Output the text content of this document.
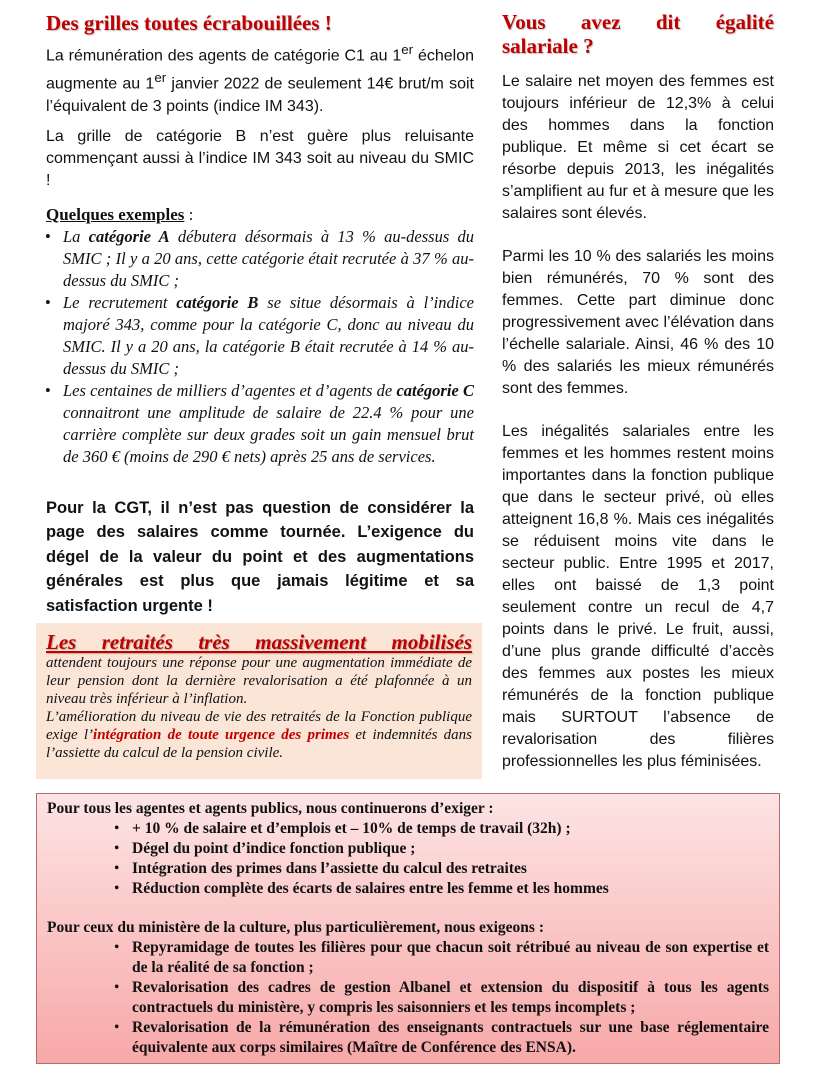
Des grilles toutes écrabouillées !

La rémunération des agents de catégorie C1 au 1er échelon augmente au 1er janvier 2022 de seulement 14€ brut/m soit l’équivalent de 3 points (indice IM 343).

La grille de catégorie B n’est guère plus reluisante commençant aussi à l’indice IM 343 soit au niveau du SMIC !

Quelques exemples :

• La catégorie A débutera désormais à 13 % au-dessus du SMIC ; Il y a 20 ans, cette catégorie était recrutée à 37 % au-dessus du SMIC ;
• Le recrutement catégorie B se situe désormais à l’indice majoré 343, comme pour la catégorie C, donc au niveau du SMIC. Il y a 20 ans, la catégorie B était recrutée à 14 % au-dessus du SMIC ;
• Les centaines de milliers d’agentes et d’agents de catégorie C connaitront une amplitude de salaire de 22.4 % pour une carrière complète sur deux grades soit un gain mensuel brut de 360 € (moins de 290 € nets) après 25 ans de services.

Pour la CGT, il n’est pas question de considérer la page des salaires comme tournée. L’exigence du dégel de la valeur du point et des augmentations générales est plus que jamais légitime et sa satisfaction urgente !

Les retraités très massivement mobilisés

attendent toujours une réponse pour une augmentation immédiate de leur pension dont la dernière revalorisation a été plafonnée à un niveau très inférieur à l’inflation.

L’amélioration du niveau de vie des retraités de la Fonction publique exige l’intégration de toute urgence des primes et indemnités dans l’assiette du calcul de la pension civile.

Vous avez dit égalité
salariale ?

Le salaire net moyen des femmes est toujours inférieur de 12,3% à celui des hommes dans la fonction publique. Et même si cet écart se résorbe depuis 2013, les inégalités s’amplifient au fur et à mesure que les salaires sont élevés.

Parmi les 10 % des salariés les moins bien rémunérés, 70 % sont des femmes. Cette part diminue donc progressivement avec l’élévation dans l’échelle salariale. Ainsi, 46 % des 10 % des salariés les mieux rémunérés sont des femmes.

Les inégalités salariales entre les femmes et les hommes restent moins importantes dans la fonction publique que dans le secteur privé, où elles atteignent 16,8 %. Mais ces inégalités se réduisent moins vite dans le secteur public. Entre 1995 et 2017, elles ont baissé de 1,3 point seulement contre un recul de 4,7 points dans le privé. Le fruit, aussi, d’une plus grande difficulté d’accès des femmes aux postes les mieux rémunérés de la fonction publique mais SURTOUT l’absence de revalorisation des filières professionnelles les plus féminisées.

Pour tous les agentes et agents publics, nous continuerons d’exiger :

• + 10 % de salaire et d’emplois et – 10% de temps de travail (32h) ;
• Dégel du point d’indice fonction publique ;
• Intégration des primes dans l’assiette du calcul des retraites
• Réduction complète des écarts de salaires entre les femme et les hommes

Pour ceux du ministère de la culture, plus particulièrement, nous exigeons :

• Repyramidage de toutes les filières pour que chacun soit rétribué au niveau de son expertise et de la réalité de sa fonction ;
• Revalorisation des cadres de gestion Albanel et extension du dispositif à tous les agents contractuels du ministère, y compris les saisonniers et les temps incomplets ;
• Revalorisation de la rémunération des enseignants contractuels sur une base réglementaire équivalente aux corps similaires (Maître de Conférence des ENSA).
